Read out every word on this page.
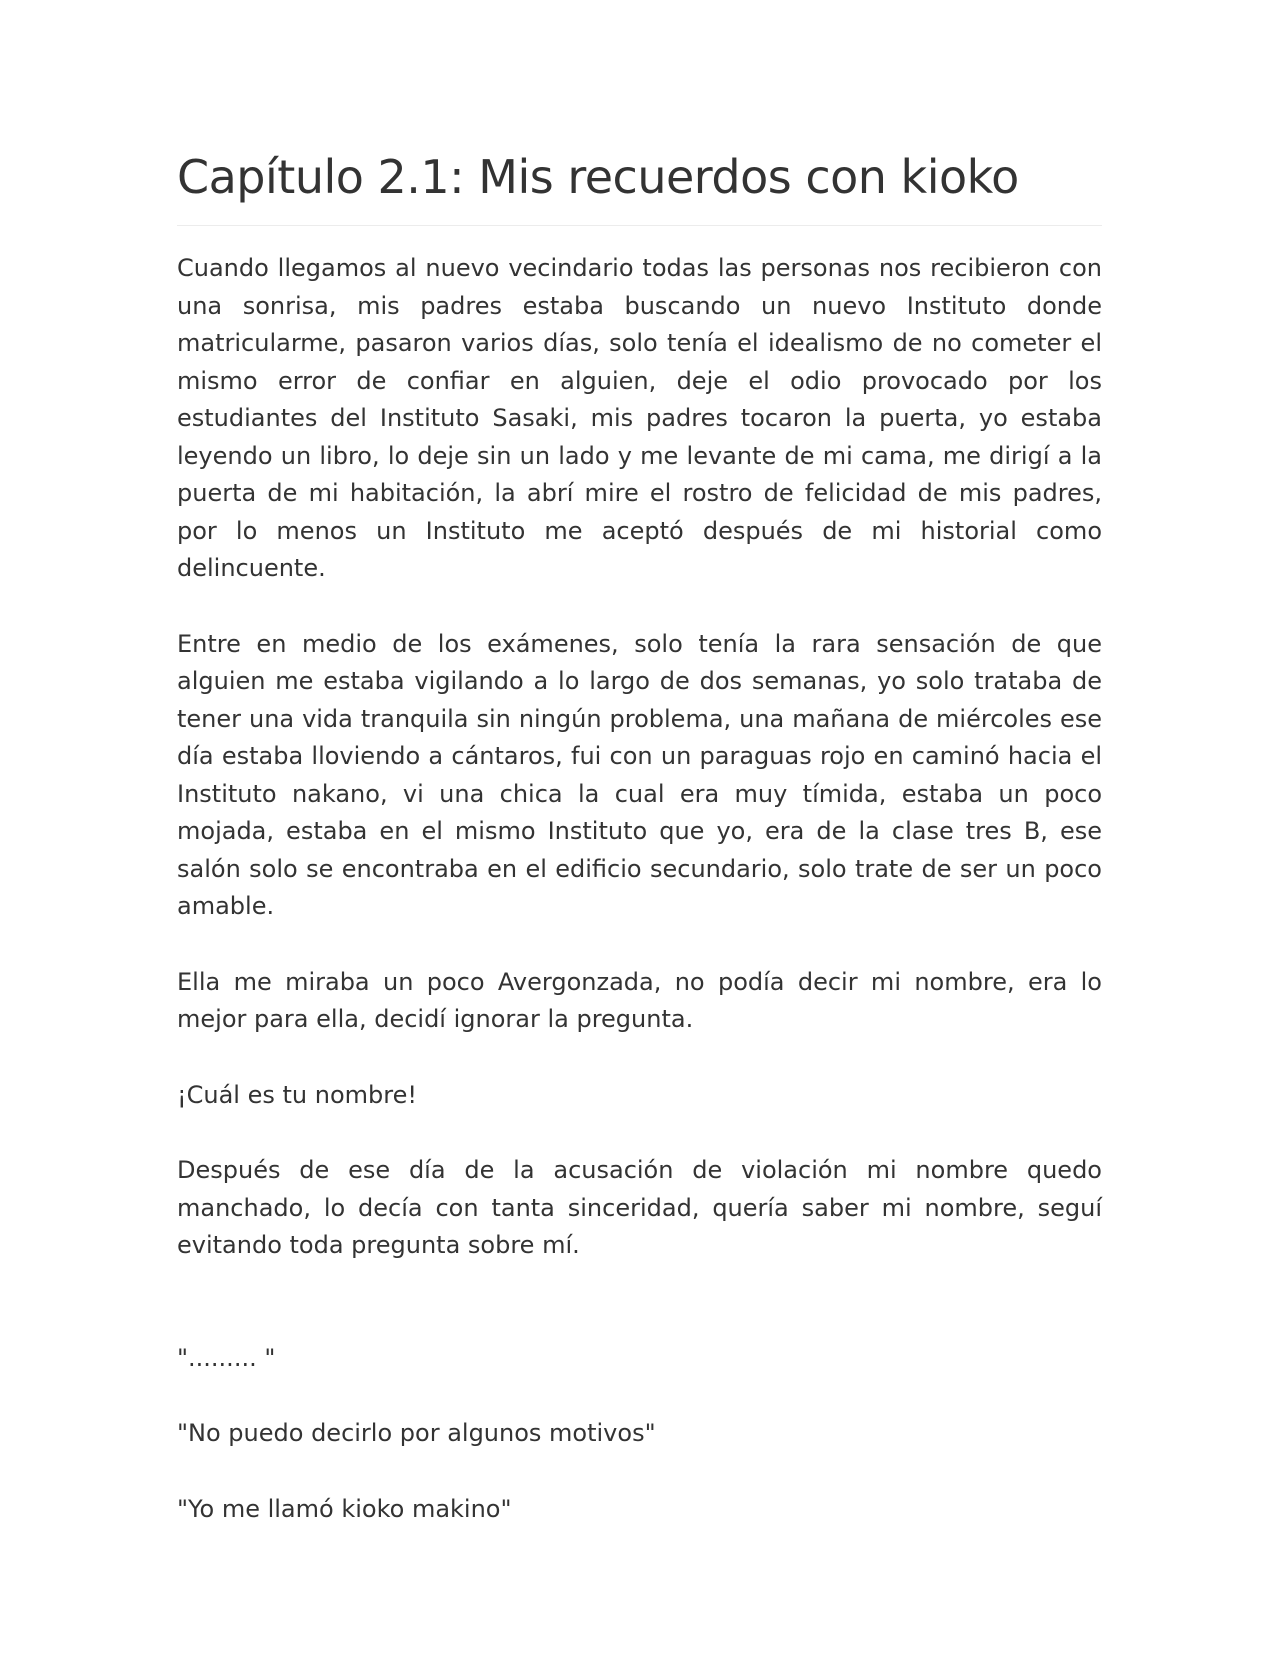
Capítulo 2.1: Mis recuerdos con kioko

Cuando llegamos al nuevo vecindario todas las personas nos recibieron con una sonrisa, mis padres estaba buscando un nuevo Instituto donde matricularme, pasaron varios días, solo tenía el idealismo de no cometer el mismo error de confiar en alguien, deje el odio provocado por los estudiantes del Instituto Sasaki, mis padres tocaron la puerta, yo estaba leyendo un libro, lo deje sin un lado y me levante de mi cama, me dirigí a la puerta de mi habitación, la abrí mire el rostro de felicidad de mis padres, por lo menos un Instituto me aceptó después de mi historial como delincuente.

Entre en medio de los exámenes, solo tenía la rara sensación de que alguien me estaba vigilando a lo largo de dos semanas, yo solo trataba de tener una vida tranquila sin ningún problema, una mañana de miércoles ese día estaba lloviendo a cántaros, fui con un paraguas rojo en caminó hacia el Instituto nakano, vi una chica la cual era muy tímida, estaba un poco mojada, estaba en el mismo Instituto que yo, era de la clase tres B, ese salón solo se encontraba en el edificio secundario, solo trate de ser un poco amable.

Ella me miraba un poco Avergonzada, no podía decir mi nombre, era lo mejor para ella, decidí ignorar la pregunta.

¡Cuál es tu nombre!

Después de ese día de la acusación de violación mi nombre quedo manchado, lo decía con tanta sinceridad, quería saber mi nombre, seguí evitando toda pregunta sobre mí.

"......... "

"No puedo decirlo por algunos motivos"

"Yo me llamó kioko makino"
